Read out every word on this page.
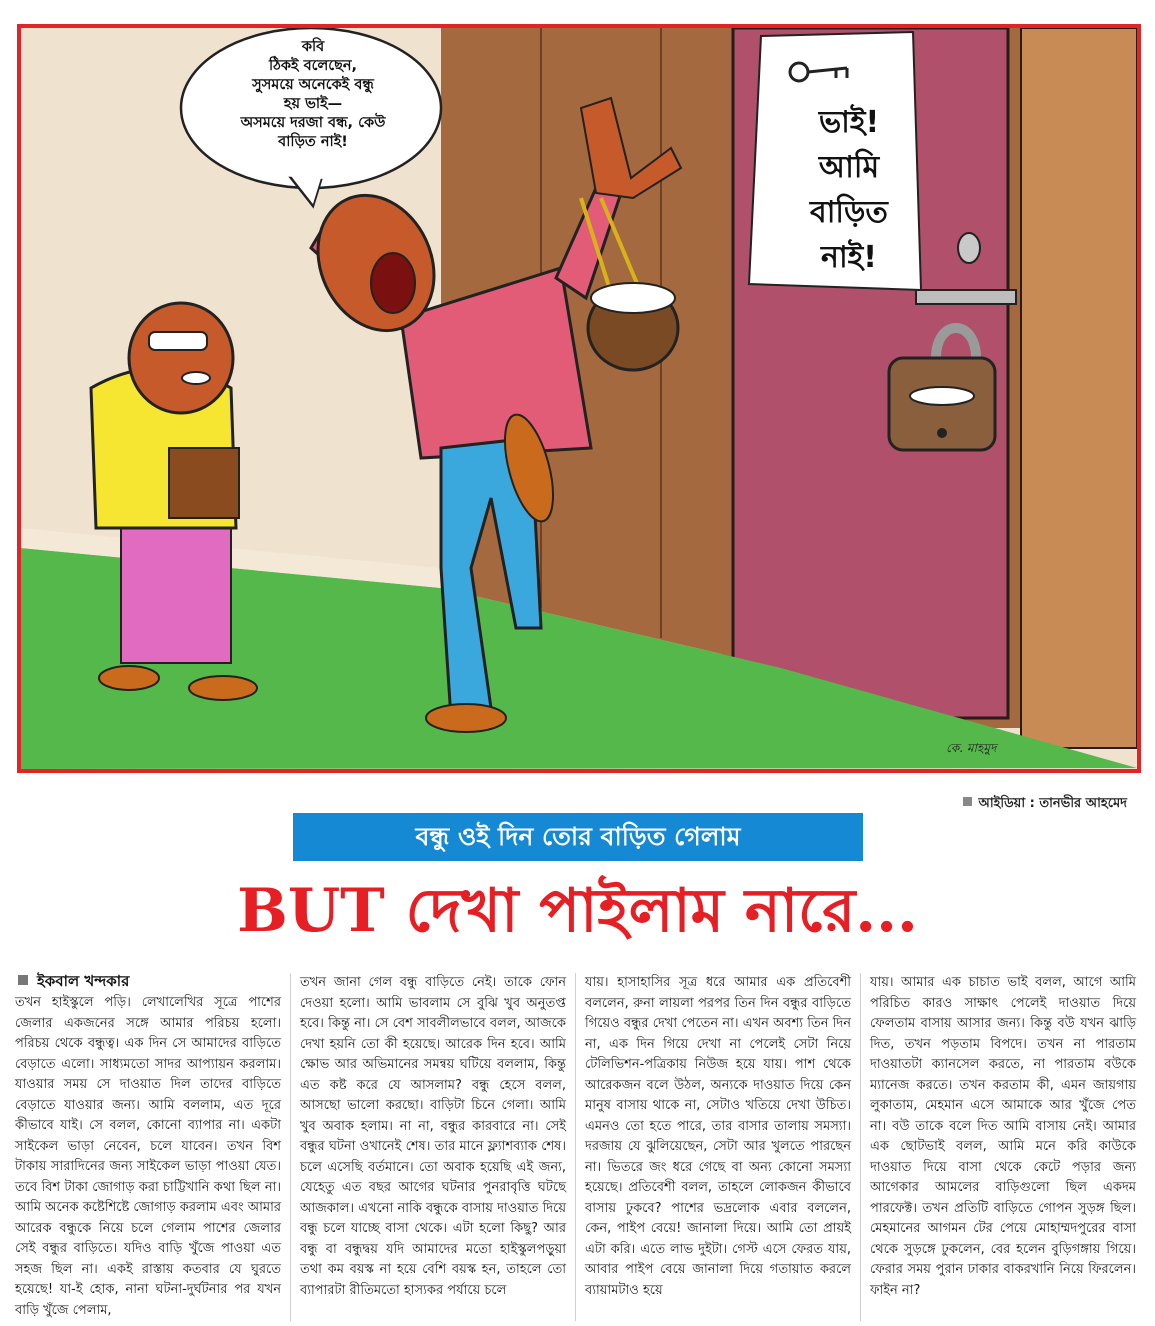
কবি
ঠিকই বলেছেন,
সুসময়ে অনেকেই বন্ধু
হয় ভাই—
অসময়ে দরজা বন্ধ, কেউ
বাড়িত নাই!
ভাই!
আমি
বাড়িত
নাই!
কে. মাহমুদ
আইডিয়া : তানভীর আহমেদ
বন্ধু ওই দিন তোর বাড়িত গেলাম
BUT দেখা পাইলাম নারে...
ইকবাল খন্দকার
তখন হাইস্কুলে পড়ি। লেখালেখির সূত্রে পাশের জেলার একজনের সঙ্গে আমার পরিচয় হলো। পরিচয় থেকে বন্ধুত্ব। এক দিন সে আমাদের বাড়িতে বেড়াতে এলো। সাধ্যমতো সাদর আপ্যায়ন করলাম। যাওয়ার সময় সে দাওয়াত দিল তাদের বাড়িতে বেড়াতে যাওয়ার জন্য। আমি বললাম, এত দূরে কীভাবে যাই। সে বলল, কোনো ব্যাপার না। একটা সাইকেল ভাড়া নেবেন, চলে যাবেন। তখন বিশ টাকায় সারাদিনের জন্য সাইকেল ভাড়া পাওয়া যেত। তবে বিশ টাকা জোগাড় করা চাট্টিখানি কথা ছিল না। আমি অনেক কষ্টেশিষ্টে জোগাড় করলাম এবং আমার আরেক বন্ধুকে নিয়ে চলে গেলাম পাশের জেলার সেই বন্ধুর বাড়িতে। যদিও বাড়ি খুঁজে পাওয়া এত সহজ ছিল না। একই রাস্তায় কতবার যে ঘুরতে হয়েছে! যা-ই হোক, নানা ঘটনা-দুর্ঘটনার পর যখন বাড়ি খুঁজে পেলাম,
তখন জানা গেল বন্ধু বাড়িতে নেই। তাকে ফোন দেওয়া হলো। আমি ভাবলাম সে বুঝি খুব অনুতপ্ত হবে। কিন্তু না। সে বেশ সাবলীলভাবে বলল, আজকে দেখা হয়নি তো কী হয়েছে। আরেক দিন হবে। আমি ক্ষোভ আর অভিমানের সমন্বয় ঘটিয়ে বললাম, কিন্তু এত কষ্ট করে যে আসলাম? বন্ধু হেসে বলল, আসছো ভালো করছো। বাড়িটা চিনে গেলা। আমি খুব অবাক হলাম। না না, বন্ধুর কারবারে না। সেই বন্ধুর ঘটনা ওখানেই শেষ। তার মানে ফ্ল্যাশব্যাক শেষ। চলে এসেছি বর্তমানে। তো অবাক হয়েছি এই জন্য, যেহেতু এত বছর আগের ঘটনার পুনরাবৃত্তি ঘটছে আজকাল। এখনো নাকি বন্ধুকে বাসায় দাওয়াত দিয়ে বন্ধু চলে যাচ্ছে বাসা থেকে। এটা হলো কিছু? আর বন্ধু বা বন্ধুদ্বয় যদি আমাদের মতো হাইস্কুলপড়ুয়া তথা কম বয়স্ক না হয়ে বেশি বয়স্ক হন, তাহলে তো ব্যাপারটা রীতিমতো হাস্যকর পর্যায়ে চলে
যায়। হাসাহাসির সূত্র ধরে আমার এক প্রতিবেশী বললেন, রুনা লায়লা পরপর তিন দিন বন্ধুর বাড়িতে গিয়েও বন্ধুর দেখা পেতেন না। এখন অবশ্য তিন দিন না, এক দিন গিয়ে দেখা না পেলেই সেটা নিয়ে টেলিভিশন-পত্রিকায় নিউজ হয়ে যায়। পাশ থেকে আরেকজন বলে উঠল, অন্যকে দাওয়াত দিয়ে কেন মানুষ বাসায় থাকে না, সেটাও খতিয়ে দেখা উচিত। এমনও তো হতে পারে, তার বাসার তালায় সমস্যা। দরজায় যে ঝুলিয়েছেন, সেটা আর খুলতে পারছেন না। ভিতরে জং ধরে গেছে বা অন্য কোনো সমস্যা হয়েছে। প্রতিবেশী বলল, তাহলে লোকজন কীভাবে বাসায় ঢুকবে? পাশের ভদ্রলোক এবার বললেন, কেন, পাইপ বেয়ে! জানালা দিয়ে। আমি তো প্রায়ই এটা করি। এতে লাভ দুইটা। গেস্ট এসে ফেরত যায়, আবার পাইপ বেয়ে জানালা দিয়ে গতায়াত করলে ব্যায়ামটাও হয়ে
যায়। আমার এক চাচাত ভাই বলল, আগে আমি পরিচিত কারও সাক্ষাৎ পেলেই দাওয়াত দিয়ে ফেলতাম বাসায় আসার জন্য। কিন্তু বউ যখন ঝাড়ি দিত, তখন পড়তাম বিপদে। তখন না পারতাম দাওয়াতটা ক্যানসেল করতে, না পারতাম বউকে ম্যানেজ করতে। তখন করতাম কী, এমন জায়গায় লুকাতাম, মেহমান এসে আমাকে আর খুঁজে পেত না। বউ তাকে বলে দিত আমি বাসায় নেই। আমার এক ছোটভাই বলল, আমি মনে করি কাউকে দাওয়াত দিয়ে বাসা থেকে কেটে পড়ার জন্য আগেকার আমলের বাড়িগুলো ছিল একদম পারফেক্ট। তখন প্রতিটি বাড়িতে গোপন সুড়ঙ্গ ছিল। মেহমানের আগমন টের পেয়ে মোহাম্মদপুরের বাসা থেকে সুড়ঙ্গে ঢুকলেন, বের হলেন বুড়িগঙ্গায় গিয়ে। ফেরার সময় পুরান ঢাকার বাকরখানি নিয়ে ফিরলেন। ফাইন না?
